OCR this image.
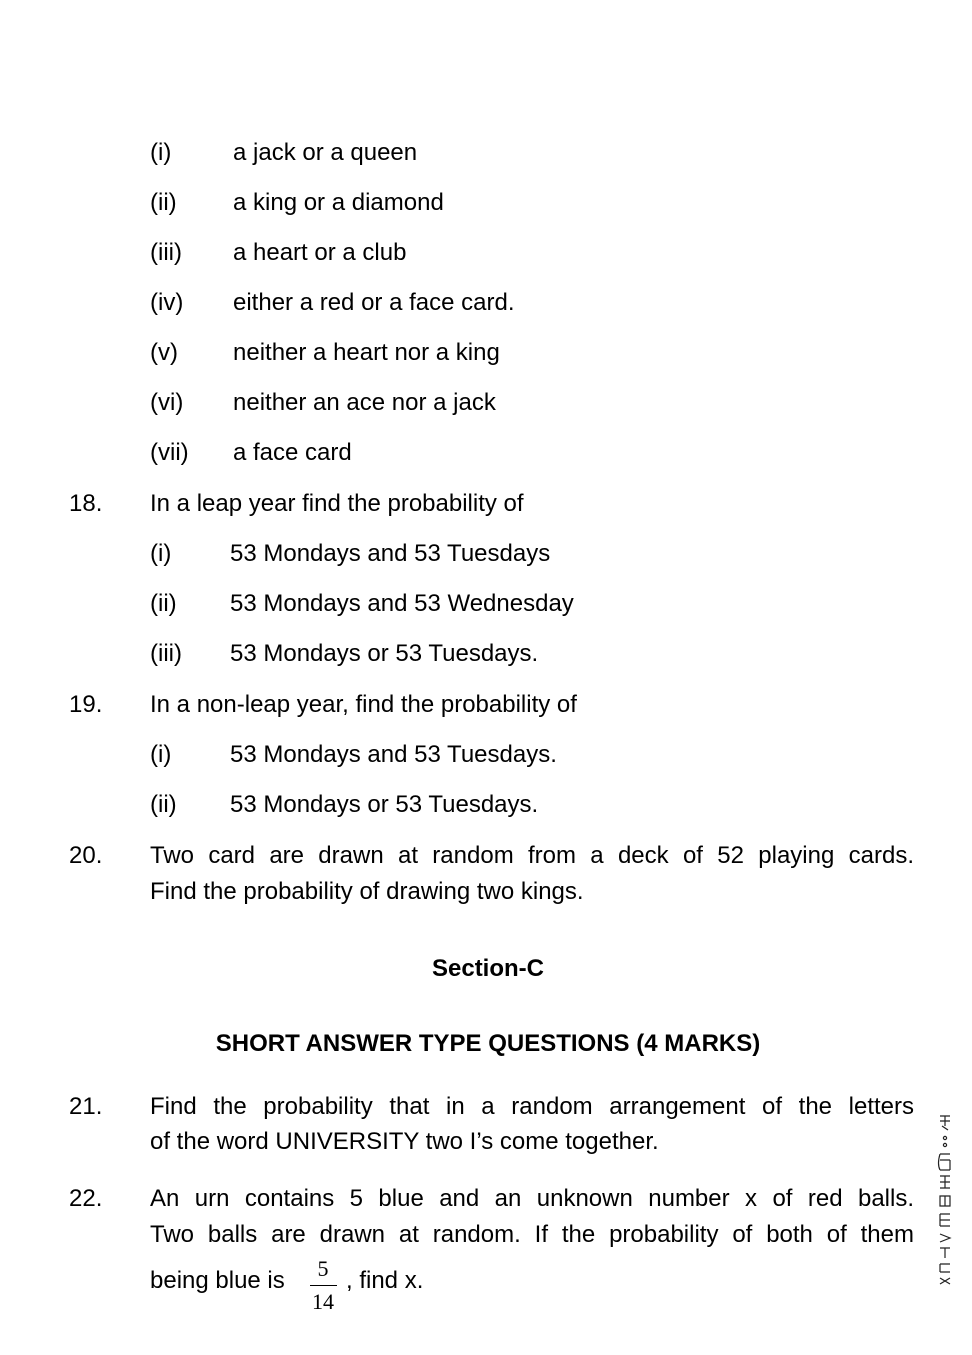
(i)	a jack or a queen
(ii) a king or a diamond
(iii) a heart or a club
(iv) either a red or a face card.
(v) neither a heart nor a king
(vi) neither an ace nor a jack
(vii) a face card
18. In a leap year find the probability of
(i) 53 Mondays and 53 Tuesdays
(ii) 53 Mondays and 53 Wednesday
(iii) 53 Mondays or 53 Tuesdays.
19. In a non-leap year, find the probability of
(i) 53 Mondays and 53 Tuesdays.
(ii) 53 Mondays or 53 Tuesdays.
20. Two card are drawn at random from a deck of 52 playing cards.
Find the probability of drawing two kings.
Section-C
SHORT ANSWER TYPE QUESTIONS (4 MARKS)
21. Find the probability that in a random arrangement of the letters
of the word UNIVERSITY two I’s come together.
22. An urn contains 5 blue and an unknown number x of red balls.
Two balls are drawn at random. If the probability of both of them
being blue is	5
14
, find x.
